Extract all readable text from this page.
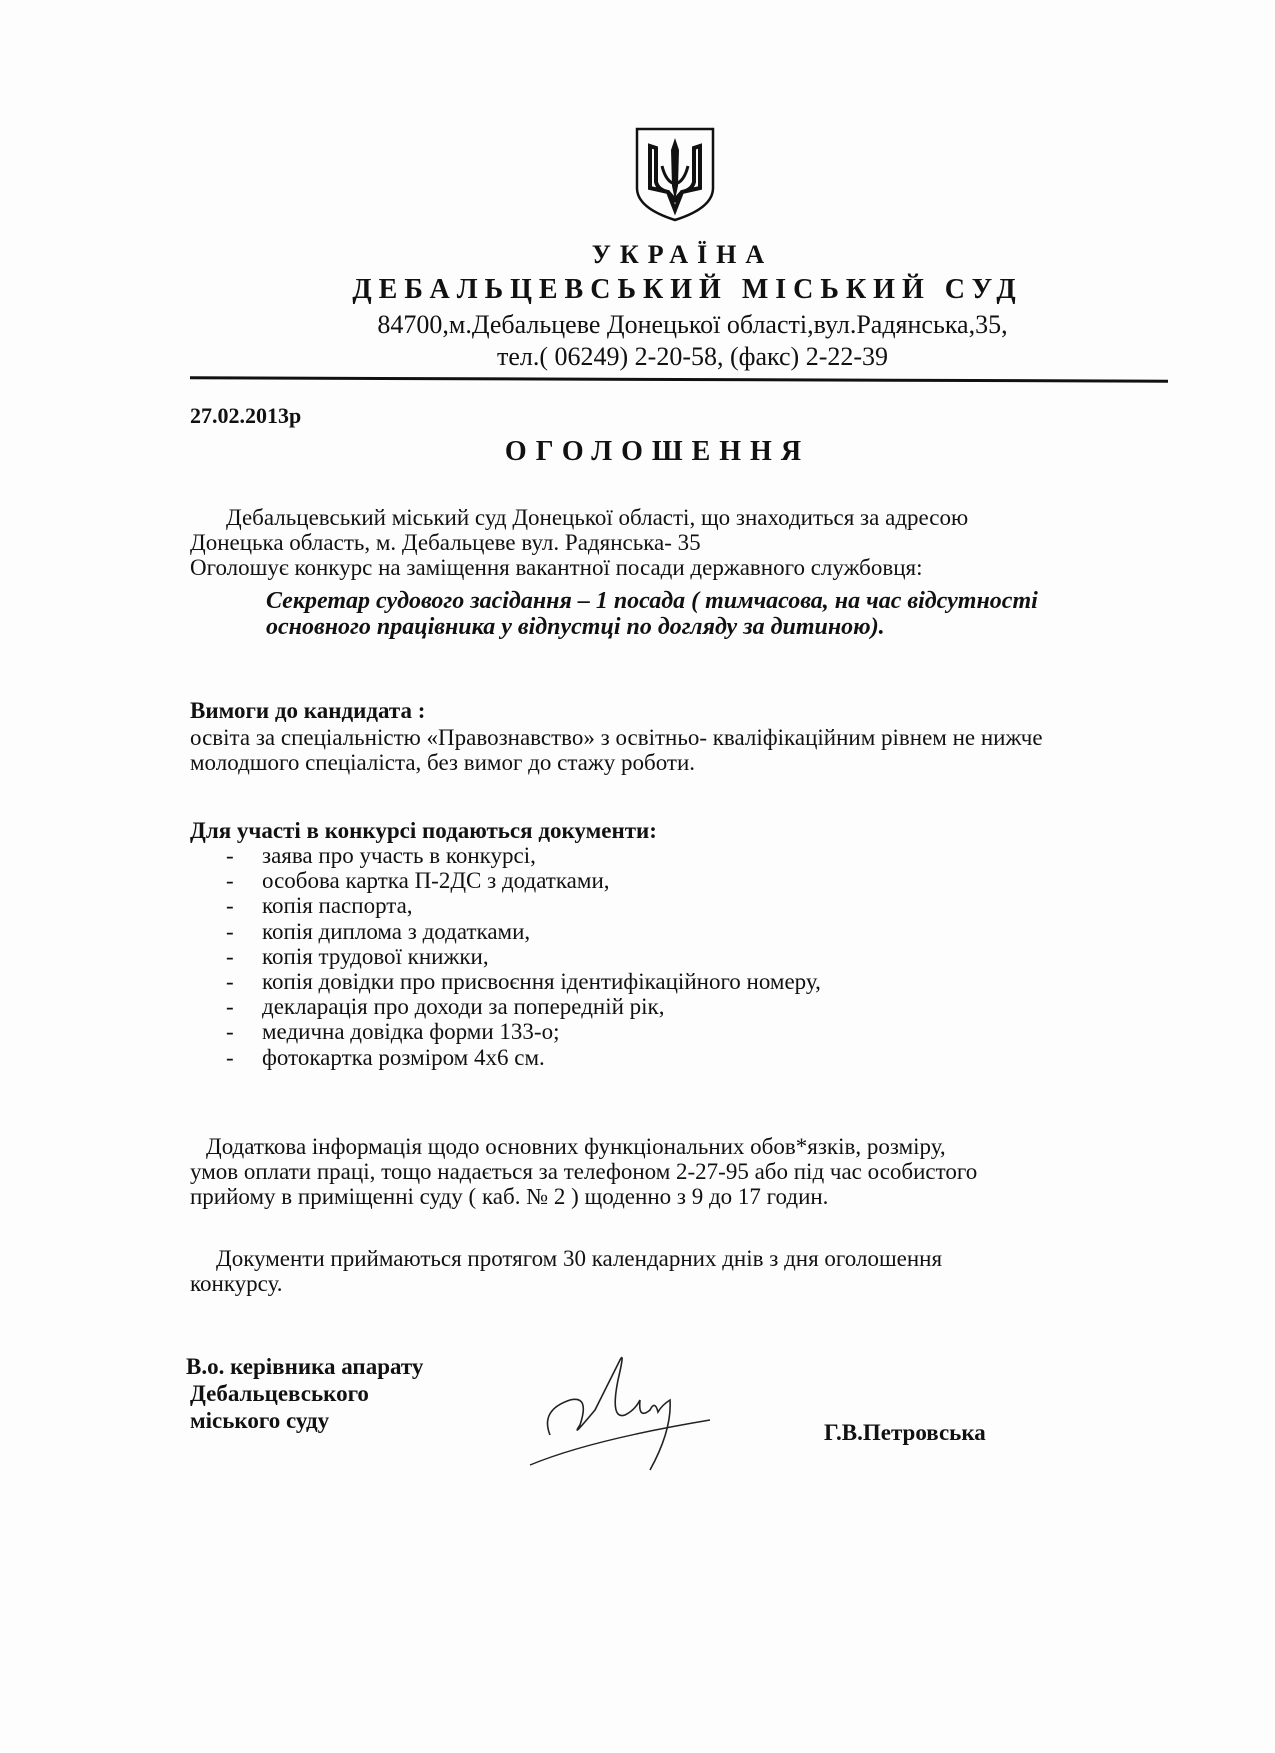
УКРАЇНА
ДЕБАЛЬЦЕВСЬКИЙ МІСЬКИЙ СУД
84700,м.Дебальцеве Донецької області,вул.Радянська,35,
тел.( 06249) 2-20-58, (факс) 2-22-39
27.02.2013р
ОГОЛОШЕННЯ
Дебальцевський міський суд Донецької області, що знаходиться за адресою
Донецька область, м. Дебальцеве вул. Радянська- 35
Оголошує конкурс на заміщення вакантної посади державного службовця:
Секретар судового засідання – 1 посада ( тимчасова, на час відсутності основного працівника у відпустці по догляду за дитиною).
Вимоги до кандидата :
освіта за спеціальністю «Правознавство» з освітньо- кваліфікаційним рівнем не нижче молодшого спеціаліста, без вимог до стажу роботи.
Для участі в конкурсі подаються документи:
- заява про участь в конкурсі,
- особова картка П-2ДС з додатками,
- копія паспорта,
- копія диплома з додатками,
- копія трудової книжки,
- копія довідки про присвоєння ідентифікаційного номеру,
- декларація про доходи за попередній рік,
- медична довідка форми 133-о;
- фотокартка розміром 4х6 см.
Додаткова інформація щодо основних функціональних обов*язків, розміру,
умов оплати праці, тощо надається за телефоном 2-27-95 або під час особистого
прийому в приміщенні суду ( каб. № 2 ) щоденно з 9 до 17 годин.
Документи приймаються протягом 30 календарних днів з дня оголошення
конкурсу.
В.о. керівника апарату
Дебальцевського
міського суду	Г.В.Петровська
